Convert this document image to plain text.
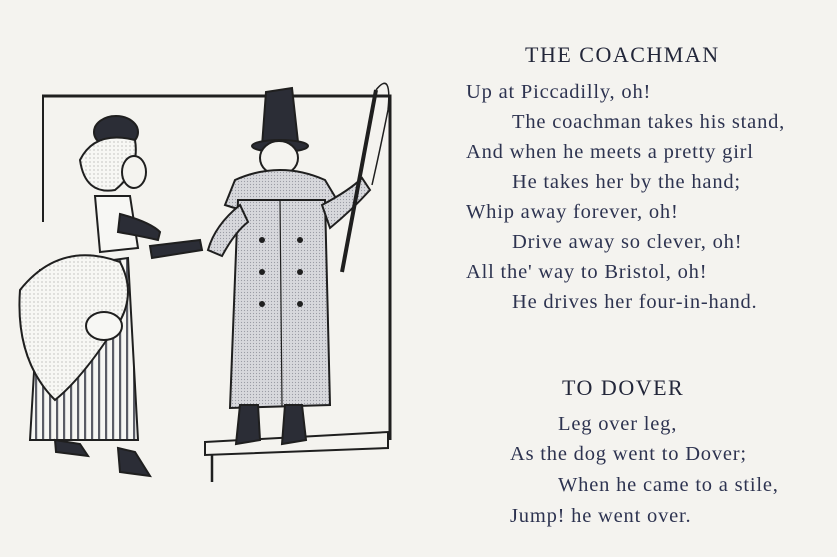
THE COACHMAN

Up at Piccadilly, oh!

The coachman takes his stand,

And when he meets a pretty girl

He takes her by the hand;

Whip away forever, oh!

Drive away so clever, oh!

All the' way to Bristol, oh!

He drives her four-in-hand.

TO DOVER

Leg over leg,

As the dog went to Dover;

When he came to a stile,

Jump! he went over.
